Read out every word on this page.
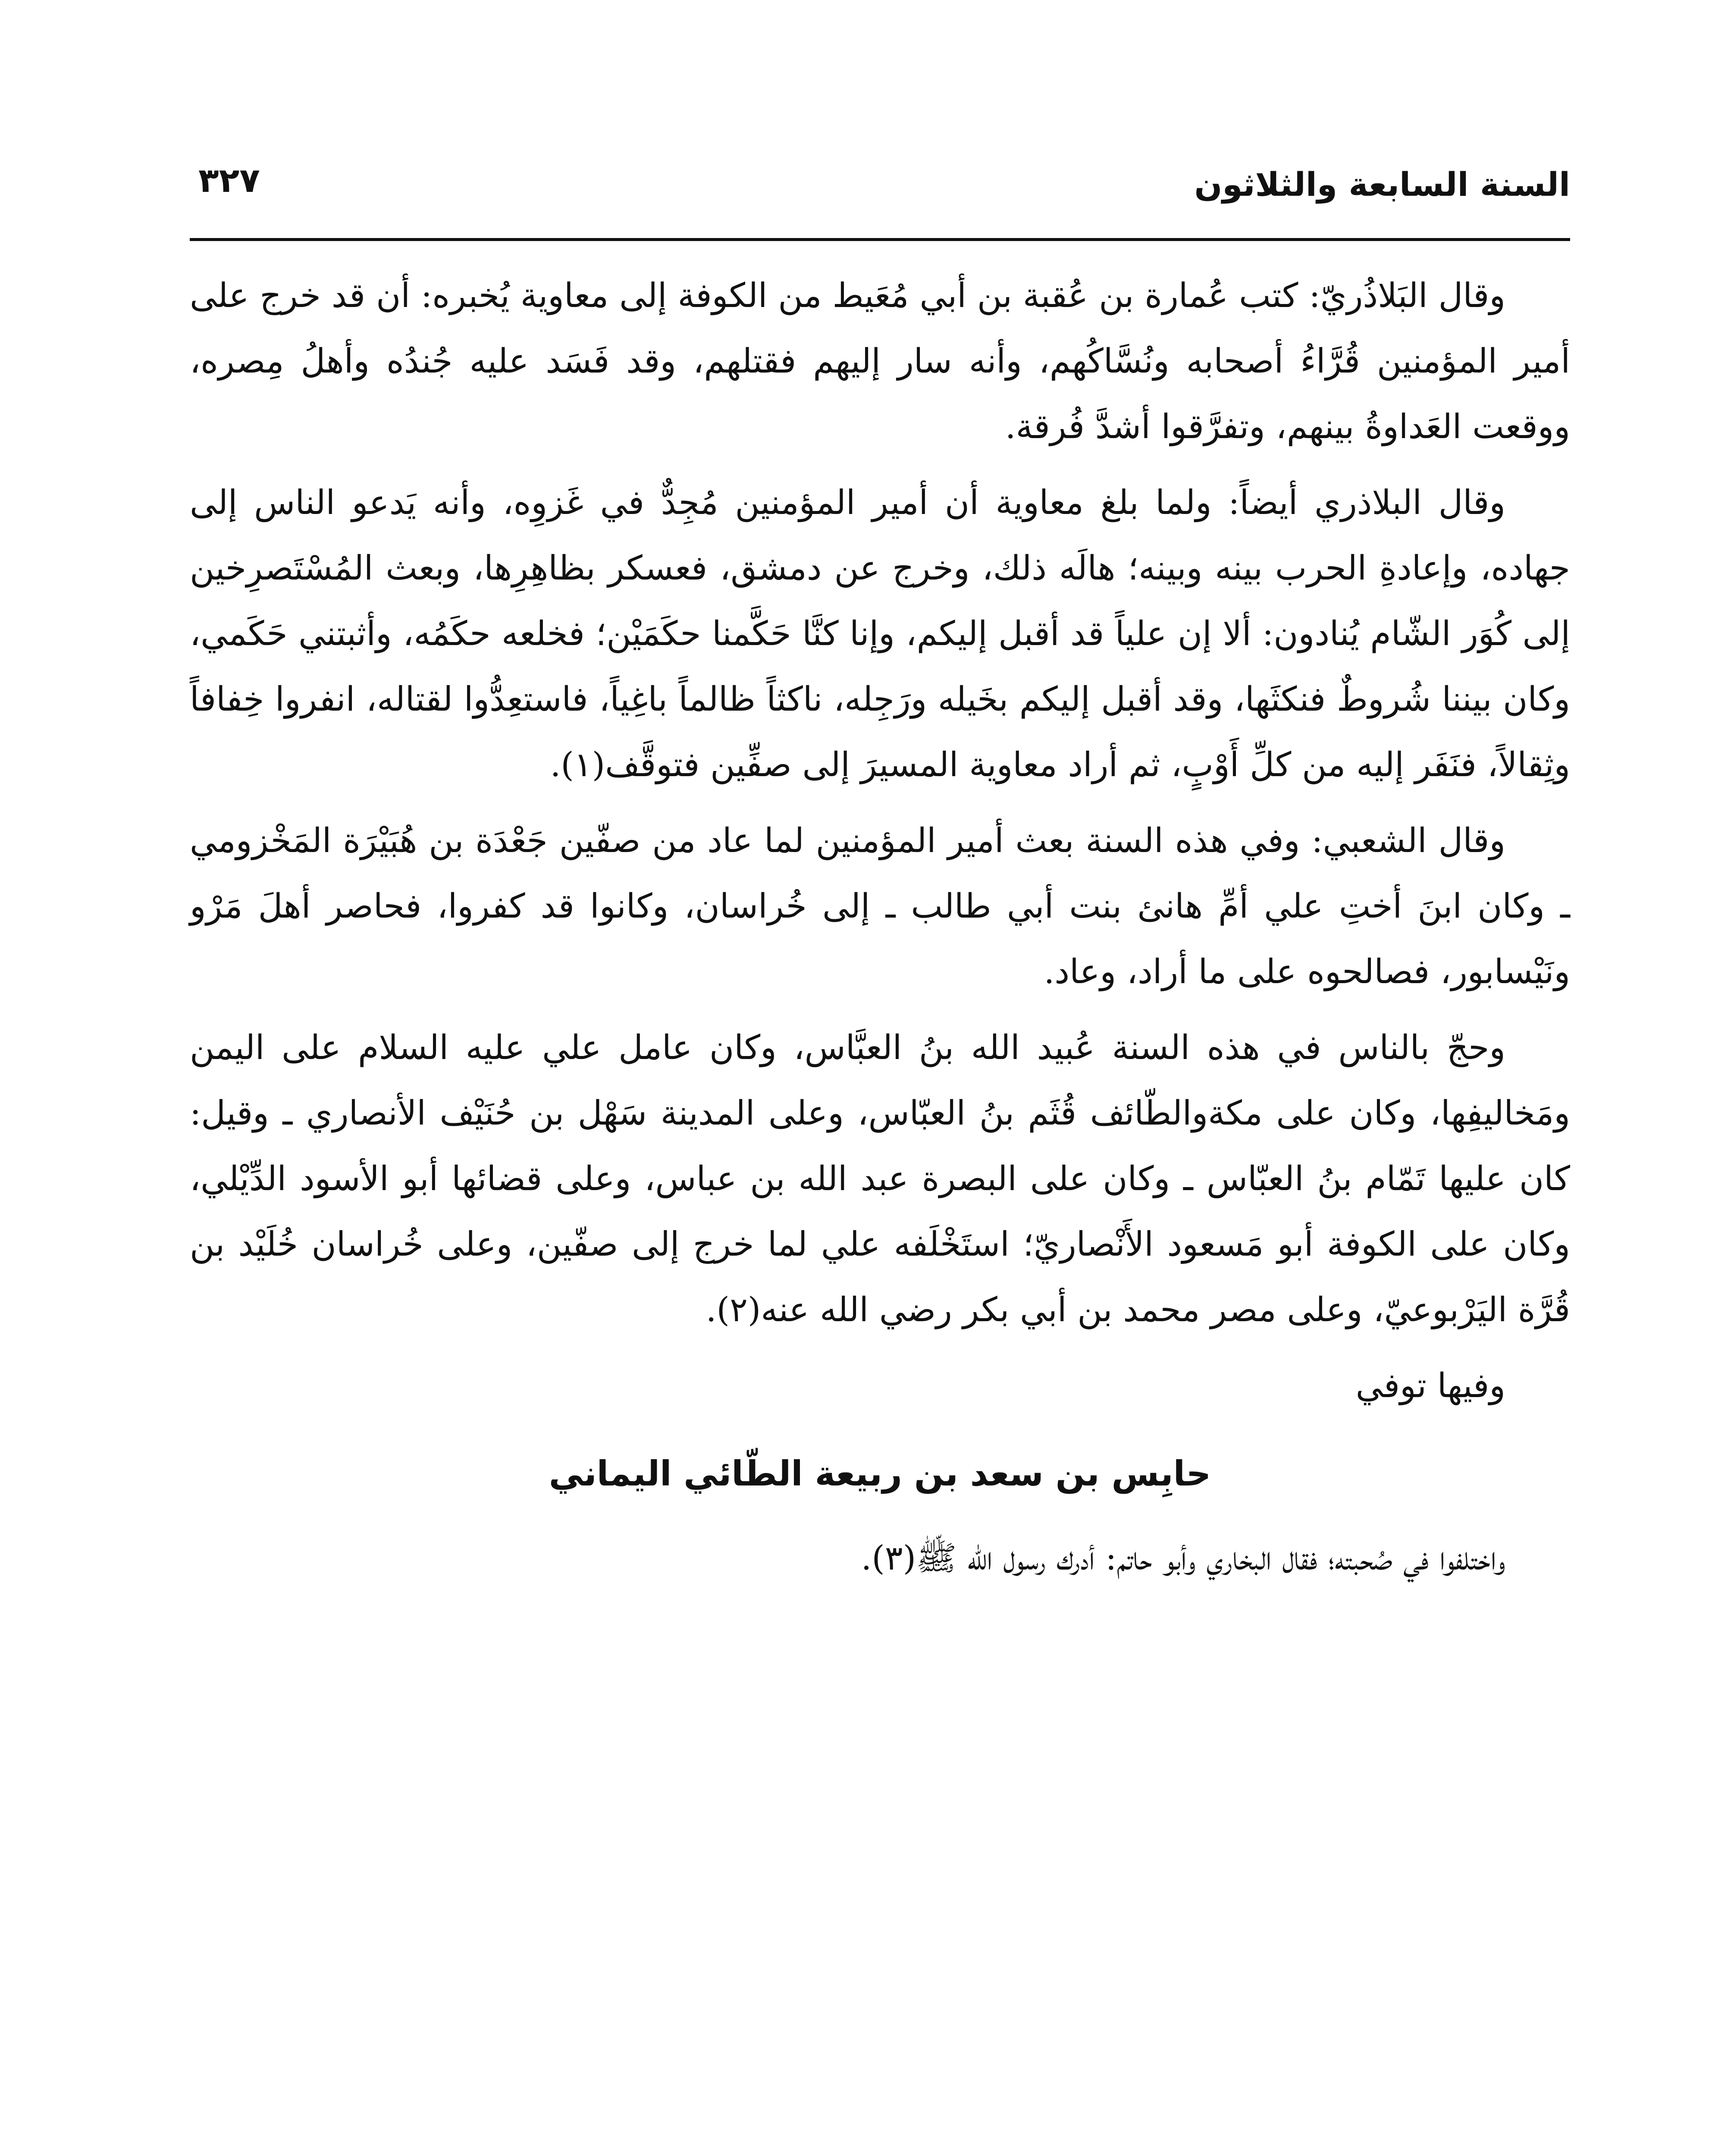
السنة السابعة والثلاثون
٣٢٧

وقال البَلاذُريّ: كتب عُمارة بن عُقبة بن أبي مُعَيط من الكوفة إلى معاوية يُخبره: أن قد خرج على أمير المؤمنين قُرَّاءُ أصحابه ونُسَّاكُهم، وأنه سار إليهم فقتلهم، وقد فَسَد عليه جُندُه وأهلُ مِصره، ووقعت العَداوةُ بينهم، وتفرَّقوا أشدَّ فُرقة.

وقال البلاذري أيضاً: ولما بلغ معاوية أن أمير المؤمنين مُجِدٌّ في غَزوِه، وأنه يَدعو الناس إلى جهاده، وإعادةِ الحرب بينه وبينه؛ هالَه ذلك، وخرج عن دمشق، فعسكر بظاهِرِها، وبعث المُسْتَصرِخين إلى كُوَر الشّام يُنادون: ألا إن علياً قد أقبل إليكم، وإنا كنَّا حَكَّمنا حكَمَيْن؛ فخلعه حكَمُه، وأثبتني حَكَمي، وكان بيننا شُروطٌ فنكثَها، وقد أقبل إليكم بخَيله ورَجِله، ناكثاً ظالماً باغِياً، فاستعِدُّوا لقتاله، انفروا خِفافاً وثِقالاً، فنَفَر إليه من كلِّ أَوْبٍ، ثم أراد معاوية المسيرَ إلى صفِّين فتوقَّف(١).

وقال الشعبي: وفي هذه السنة بعث أمير المؤمنين لما عاد من صفّين جَعْدَة بن هُبَيْرَة المَخْزومي ـ وكان ابنَ أختِ علي أمِّ هانئ بنت أبي طالب ـ إلى خُراسان، وكانوا قد كفروا، فحاصر أهلَ مَرْو ونَيْسابور، فصالحوه على ما أراد، وعاد.

وحجّ بالناس في هذه السنة عُبيد الله بنُ العبَّاس، وكان عامل علي عليه السلام على اليمن ومَخاليفِها، وكان على مكةوالطّائف قُثَم بنُ العبّاس، وعلى المدينة سَهْل بن حُنَيْف الأنصاري ـ وقيل: كان عليها تَمّام بنُ العبّاس ـ وكان على البصرة عبد الله بن عباس، وعلى قضائها أبو الأسود الدِّيْلي، وكان على الكوفة أبو مَسعود الأَنْصاريّ؛ استَخْلَفه علي لما خرج إلى صفّين، وعلى خُراسان خُلَيْد بن قُرَّة اليَرْبوعيّ، وعلى مصر محمد بن أبي بكر رضي الله عنه(٢).

وفيها توفي

حابِس بن سعد بن ربيعة الطّائي اليماني

واختلفوا في صُحبته؛ فقال البخاري وأبو حاتم: أدرك رسول الله ﷺ(٣).
